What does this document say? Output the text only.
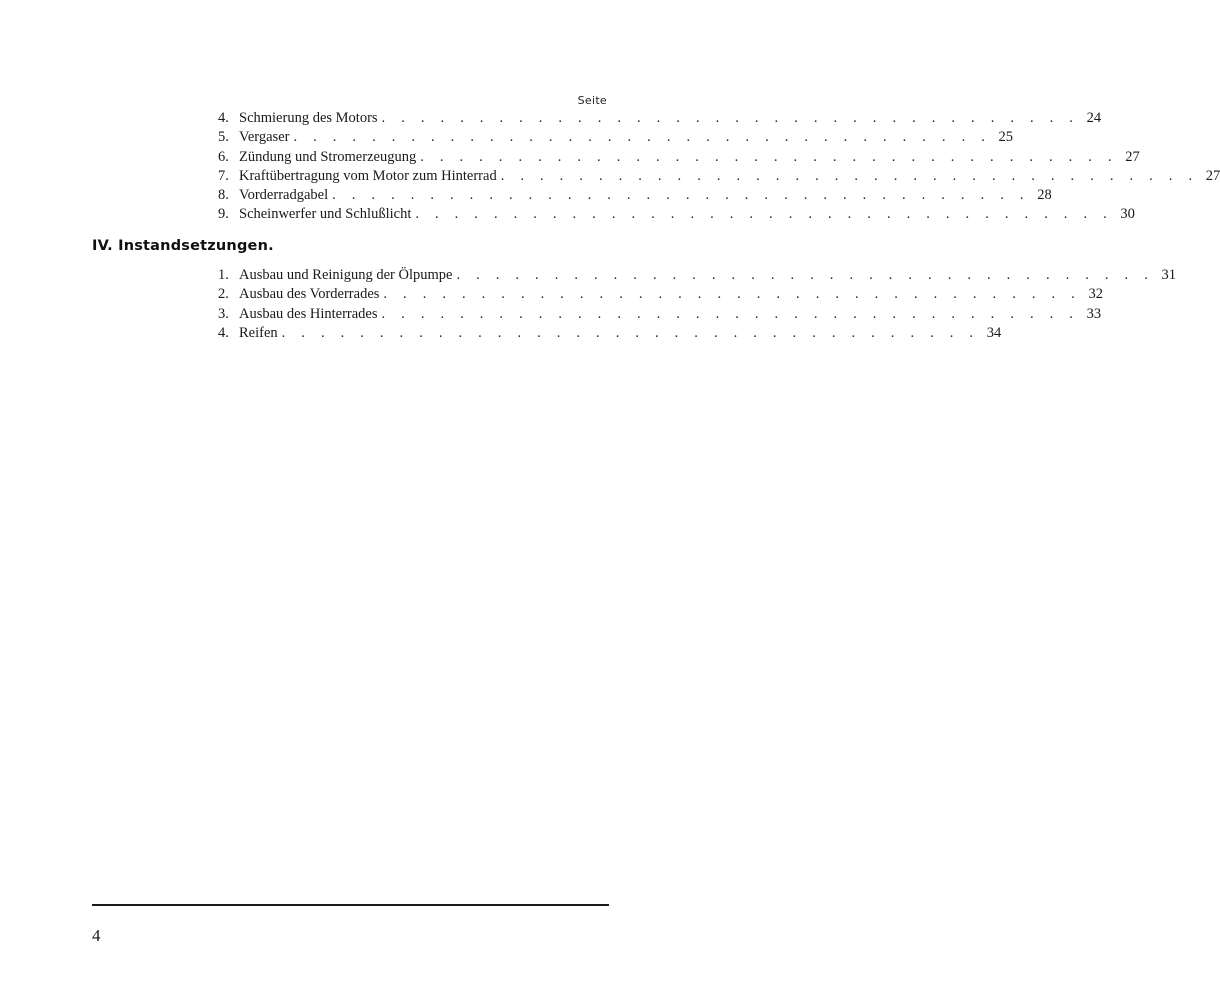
Seite
4. Schmierung des Motors . . . . . . . . . . . . . . . . . . . . . . . . . . . . . . . . . . . . 24
5. Vergaser . . . . . . . . . . . . . . . . . . . . . . . . . . . . . . . . . . . . 25
6. Zündung und Stromerzeugung . . . . . . . . . . . . . . . . . . . . . . . . . . . . . . . . . . . . 27
7. Kraftübertragung vom Motor zum Hinterrad . . . . . . . . . . . . . . . . . . . . . . . . . . . . . . . . . . . . 27
8. Vorderradgabel . . . . . . . . . . . . . . . . . . . . . . . . . . . . . . . . . . . . 28
9. Scheinwerfer und Schlußlicht . . . . . . . . . . . . . . . . . . . . . . . . . . . . . . . . . . . . 30
IV. Instandsetzungen.
1. Ausbau und Reinigung der Ölpumpe . . . . . . . . . . . . . . . . . . . . . . . . . . . . . . . . . . . . 31
2. Ausbau des Vorderrades . . . . . . . . . . . . . . . . . . . . . . . . . . . . . . . . . . . . 32
3. Ausbau des Hinterrades . . . . . . . . . . . . . . . . . . . . . . . . . . . . . . . . . . . . 33
4. Reifen . . . . . . . . . . . . . . . . . . . . . . . . . . . . . . . . . . . . 34
4
